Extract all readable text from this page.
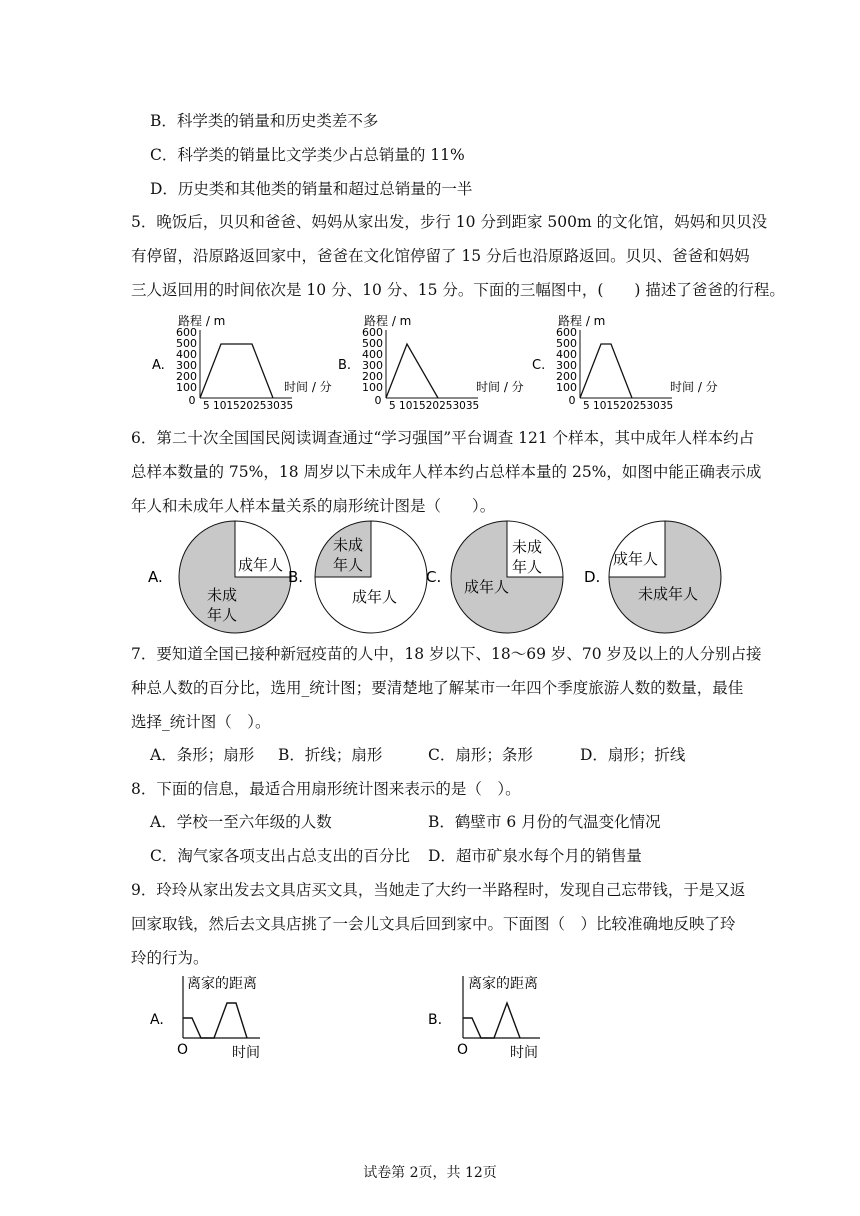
B．科学类的销量和历史类差不多
C．科学类的销量比文学类少占总销量的 11%
D．历史类和其他类的销量和超过总销量的一半
5．晚饭后，贝贝和爸爸、妈妈从家出发，步行 10 分到距家 500m 的文化馆，妈妈和贝贝没
有停留，沿原路返回家中，爸爸在文化馆停留了 15 分后也沿原路返回。贝贝、爸爸和妈妈
三人返回用的时间依次是 10 分、10 分、15 分。下面的三幅图中，(　　) 描述了爸爸的行程。
A.
路程 / m
600
500
400
300
200
100
0 5 101520253035
时间 / 分
B.
路程 / m
600
500
400
300
200
100
0 5 101520253035
时间 / 分
C.
路程 / m
600
500
400
300
200
100
0 5 101520253035
时间 / 分
6．第二十次全国国民阅读调查通过“学习强国”平台调查 121 个样本，其中成年人样本约占
总样本数量的 75%，18 周岁以下未成年人样本约占总样本量的 25%，如图中能正确表示成
年人和未成年人样本量关系的扇形统计图是（　　）。
A.
成年人
未成
年人
B.
未成
年人
成年人
C.
未成
年人
成年人
D.
成年人
未成年人
7．要知道全国已接种新冠疫苗的人中，18 岁以下、18～69 岁、70 岁及以上的人分别占接
种总人数的百分比，选用_统计图；要清楚地了解某市一年四个季度旅游人数的数量，最佳
选择_统计图（　）。
A．条形；扇形 B．折线；扇形	C．扇形；条形	D．扇形；折线
8．下面的信息，最适合用扇形统计图来表示的是（　）。
A．学校一至六年级的人数	B．鹤壁市 6 月份的气温变化情况
C．淘气家各项支出占总支出的百分比 D．超市矿泉水每个月的销售量
9．玲玲从家出发去文具店买文具，当她走了大约一半路程时，发现自己忘带钱，于是又返
回家取钱，然后去文具店挑了一会儿文具后回到家中。下面图（　）比较准确地反映了玲
玲的行为。
A.
离家的距离
O	时间
B.
离家的距离
O	时间
试卷第 2页，共 12页
